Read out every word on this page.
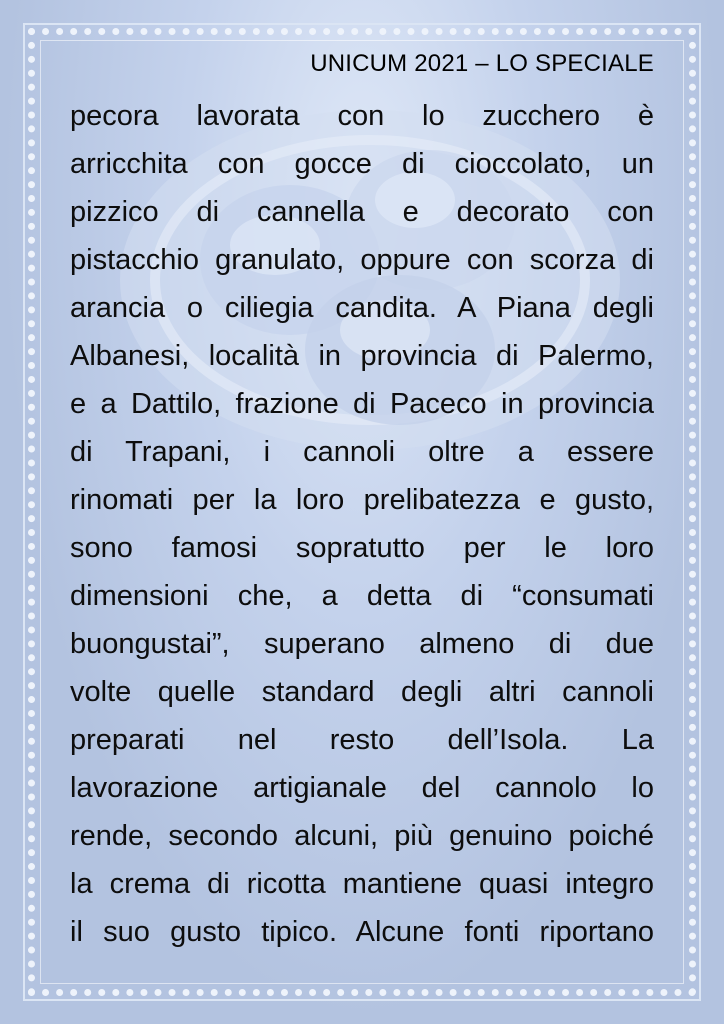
UNICUM 2021 – LO SPECIALE
pecora lavorata con lo zucchero è
arricchita con gocce di cioccolato, un
pizzico di cannella e decorato con
pistacchio granulato, oppure con scorza di
arancia o ciliegia candita. A Piana degli
Albanesi, località in provincia di Palermo,
e a Dattilo, frazione di Paceco in provincia
di Trapani, i cannoli oltre a essere
rinomati per la loro prelibatezza e gusto,
sono famosi sopratutto per le loro
dimensioni che, a detta di “consumati
buongustai”, superano almeno di due
volte quelle standard degli altri cannoli
preparati nel resto dell’Isola. La
lavorazione artigianale del cannolo lo
rende, secondo alcuni, più genuino poiché
la crema di ricotta mantiene quasi integro
il suo gusto tipico. Alcune fonti riportano
